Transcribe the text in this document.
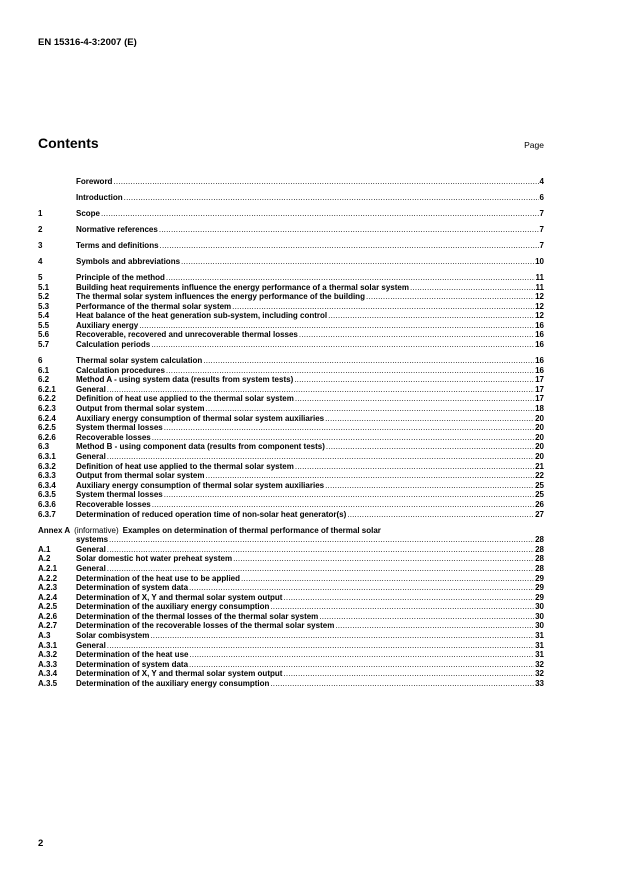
EN 15316-4-3:2007 (E)
Contents	Page
Foreword .....	4
Introduction .....	6
1	Scope .....	7
2	Normative references .....	7
3	Terms and definitions .....	7
4	Symbols and abbreviations .....	10
5	Principle of the method .....	11
5.1	Building heat requirements influence the energy performance of a thermal solar system .....	11
5.2	The thermal solar system influences the energy performance of the building .....	12
5.3	Performance of the thermal solar system .....	12
5.4	Heat balance of the heat generation sub-system, including control .....	12
5.5	Auxiliary energy .....	16
5.6	Recoverable, recovered and unrecoverable thermal losses .....	16
5.7	Calculation periods .....	16
6	Thermal solar system calculation .....	16
6.1	Calculation procedures .....	16
6.2	Method A - using system data (results from system tests) .....	17
6.2.1	General .....	17
6.2.2	Definition of heat use applied to the thermal solar system .....	17
6.2.3	Output from thermal solar system .....	18
6.2.4	Auxiliary energy consumption of thermal solar system auxiliaries .....	20
6.2.5	System thermal losses .....	20
6.2.6	Recoverable losses .....	20
6.3	Method B - using component data (results from component tests) .....	20
6.3.1	General .....	20
6.3.2	Definition of heat use applied to the thermal solar system .....	21
6.3.3	Output from thermal solar system .....	22
6.3.4	Auxiliary energy consumption of thermal solar system auxiliaries .....	25
6.3.5	System thermal losses .....	25
6.3.6	Recoverable losses .....	26
6.3.7	Determination of reduced operation time of non-solar heat generator(s) .....	27
Annex A (informative) Examples on determination of thermal performance of thermal solar
systems .....	28
A.1	General .....	28
A.2	Solar domestic hot water preheat system .....	28
A.2.1	General .....	28
A.2.2	Determination of the heat use to be applied .....	29
A.2.3	Determination of system data .....	29
A.2.4	Determination of X, Y and thermal solar system output .....	29
A.2.5	Determination of the auxiliary energy consumption .....	30
A.2.6	Determination of the thermal losses of the thermal solar system .....	30
A.2.7	Determination of the recoverable losses of the thermal solar system .....	30
A.3	Solar combisystem .....	31
A.3.1	General .....	31
A.3.2	Determination of the heat use .....	31
A.3.3	Determination of system data .....	32
A.3.4	Determination of X, Y and thermal solar system output .....	32
A.3.5	Determination of the auxiliary energy consumption .....	33
2
